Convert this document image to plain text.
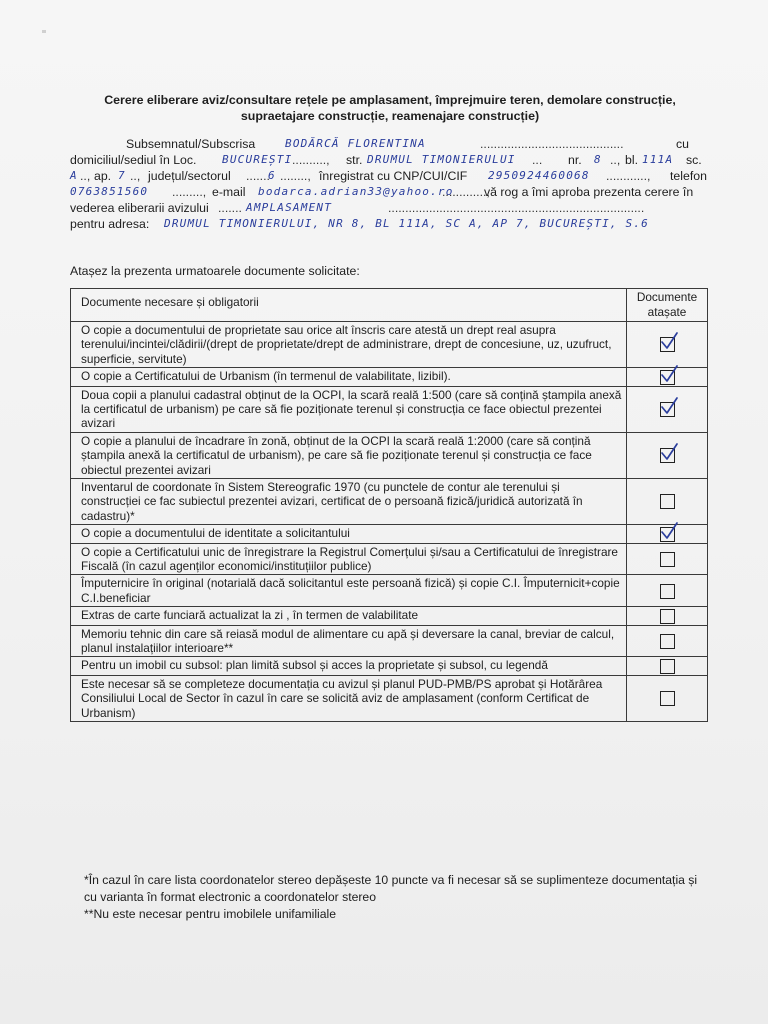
Cerere eliberare aviz/consultare rețele pe amplasament, împrejmuire teren, demolare construcție,
supraetajare construcție, reamenajare construcție)
Subsemnatul/Subscrisa	BODĂRCĂ FLORENTINA	..........................................	cu
domiciliul/sediul în Loc. BUCUREȘTI .........., str. DRUMUL TIMONIERULUI ... nr. 8 .., bl. 111A sc.
A .., ap. 7 .., județul/sectorul .......
6 ........, înregistrat cu CNP/CUI/CIF 2950924460068 ............, telefon
0763851560 ........., e-mail bodarca.adrian33@yahoo.ro
.............,
vă rog a îmi aproba prezenta cerere în
vederea eliberarii avizului ....... AMPLASAMENT	...........................................................................
pentru adresa: DRUMUL TIMONIERULUI, NR 8, BL 111A, SC A, AP 7, BUCUREȘTI, S.6
Atașez la prezenta urmatoarele documente solicitate:
Documente necesare și obligatorii	Documente atașate
O copie a documentului de proprietate sau orice alt înscris care atestă un drept real asupra terenului/incintei/clădirii/(drept de proprietate/drept de administrare, drept de concesiune, uz, uzufruct, superficie, servitute)	

O copie a Certificatului de Urbanism (în termenul de valabilitate, lizibil).	

Doua copii a planului cadastral obținut de la OCPI, la scară reală 1:500 (care să conțină ștampila anexă la certificatul de urbanism) pe care să fie poziționate terenul și construcția ce face obiectul prezentei avizari	

O copie a planului de încadrare în zonă, obținut de la OCPI la scară reală 1:2000 (care să conțină ștampila anexă la certificatul de urbanism), pe care să fie poziționate terenul și construcția ce face obiectul prezentei avizari	

Inventarul de coordonate în Sistem Stereografic 1970 (cu punctele de contur ale terenului și construcției ce fac subiectul prezentei avizari, certificat de o persoană fizică/juridică autorizată în cadastru)*	
O copie a documentului de identitate a solicitantului	

O copie a Certificatului unic de înregistrare la Registrul Comerțului și/sau a Certificatului de înregistrare Fiscală (în cazul agenților economici/instituțiilor publice)	
Împuternicire în original (notarială dacă solicitantul este persoană fizică) și copie C.I. Împuternicit+copie C.I.beneficiar	
Extras de carte funciară actualizat la zi , în termen de valabilitate	
Memoriu tehnic din care să reiasă modul de alimentare cu apă și deversare la canal, breviar de calcul, planul instalațiilor interioare**	
Pentru un imobil cu subsol: plan limită subsol și acces la proprietate și subsol, cu legendă	
Este necesar să se completeze documentația cu avizul și planul PUD-PMB/PS aprobat și Hotărârea Consiliului Local de Sector în cazul în care se solicită aviz de amplasament (conform Certificat de Urbanism)	
*În cazul în care lista coordonatelor stereo depășeste 10 puncte va fi necesar să se suplimenteze documentația și cu varianta în format electronic a coordonatelor stereo
**Nu este necesar pentru imobilele unifamiliale
